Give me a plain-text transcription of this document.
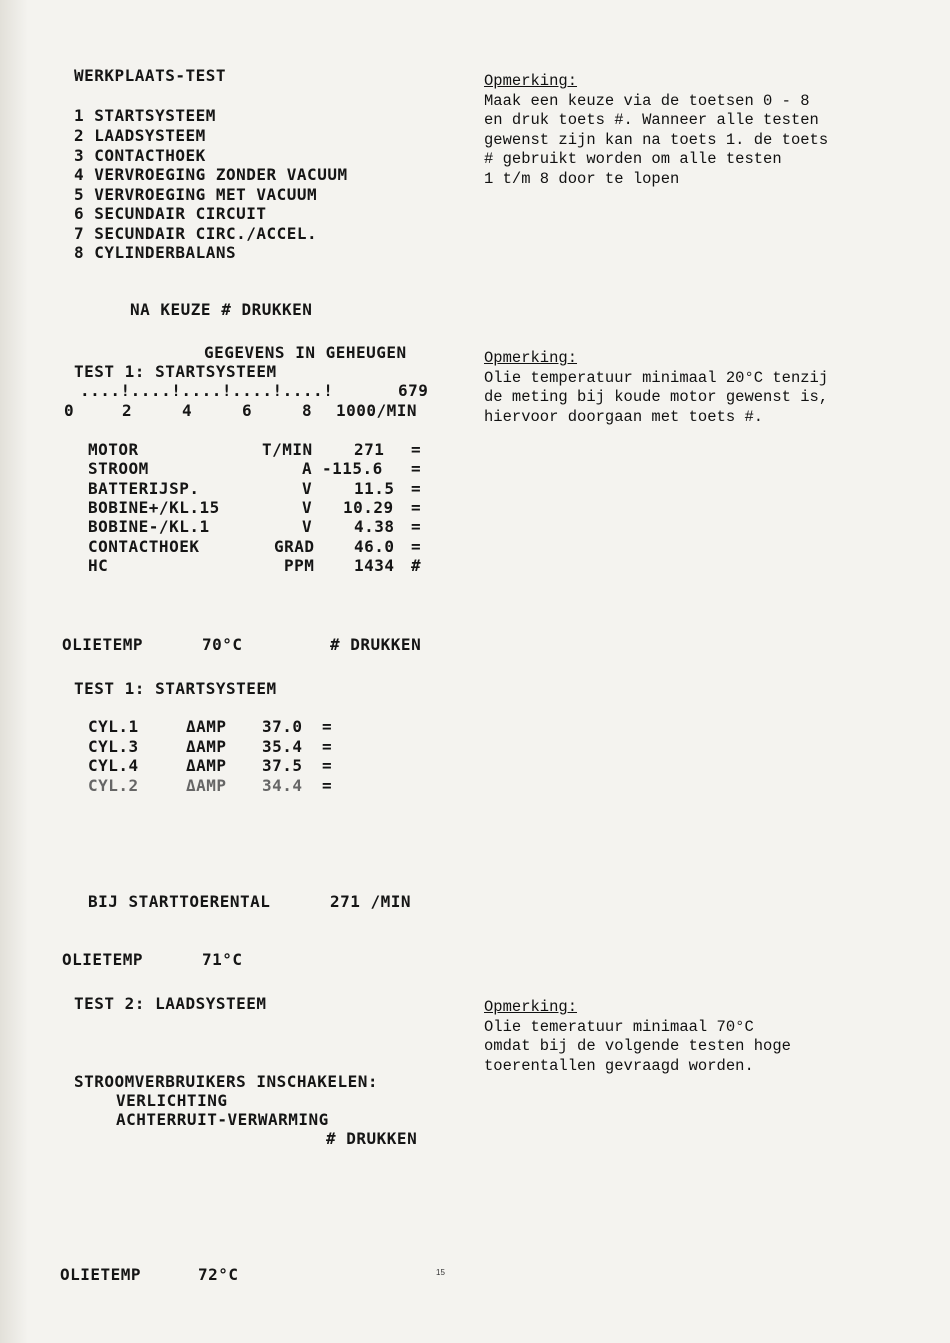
WERKPLAATS-TEST
1 STARTSYSTEEM
2 LAADSYSTEEM
3 CONTACTHOEK
4 VERVROEGING ZONDER VACUUM
5 VERVROEGING MET VACUUM
6 SECUNDAIR CIRCUIT
7 SECUNDAIR CIRC./ACCEL.
8 CYLINDERBALANS
NA KEUZE # DRUKKEN
GEGEVENS IN GEHEUGEN
TEST 1: STARTSYSTEEM
....!....!....!....!....!	679
0	2	4	6	8 1000/MIN
MOTOR	T/MIN	271 =
STROOM	A -115.6 =
BATTERIJSP.	V	11.5 =
BOBINE+/KL.15	V 10.29 =
BOBINE-/KL.1	V	4.38 =
CONTACTHOEK	GRAD 46.0 =
HC	PPM 1434 #
OLIETEMP	70°C	# DRUKKEN
TEST 1: STARTSYSTEEM
CYL.1	ΔAMP 37.0 =
CYL.3	ΔAMP 35.4 =
CYL.4	ΔAMP 37.5 =
CYL.2	ΔAMP 34.4 =
BIJ STARTTOERENTAL	271 /MIN
OLIETEMP	71°C
TEST 2: LAADSYSTEEM
STROOMVERBRUIKERS INSCHAKELEN:
VERLICHTING
ACHTERRUIT-VERWARMING
# DRUKKEN
OLIETEMP	72°C
Opmerking:
Maak een keuze via de toetsen 0 - 8
en druk toets #. Wanneer alle testen
gewenst zijn kan na toets 1. de toets
# gebruikt worden om alle testen
1 t/m 8 door te lopen
Opmerking:
Olie temperatuur minimaal 20°C tenzij
de meting bij koude motor gewenst is,
hiervoor doorgaan met toets #.
Opmerking:
Olie temeratuur minimaal 70°C
omdat bij de volgende testen hoge
toerentallen gevraagd worden.
15
